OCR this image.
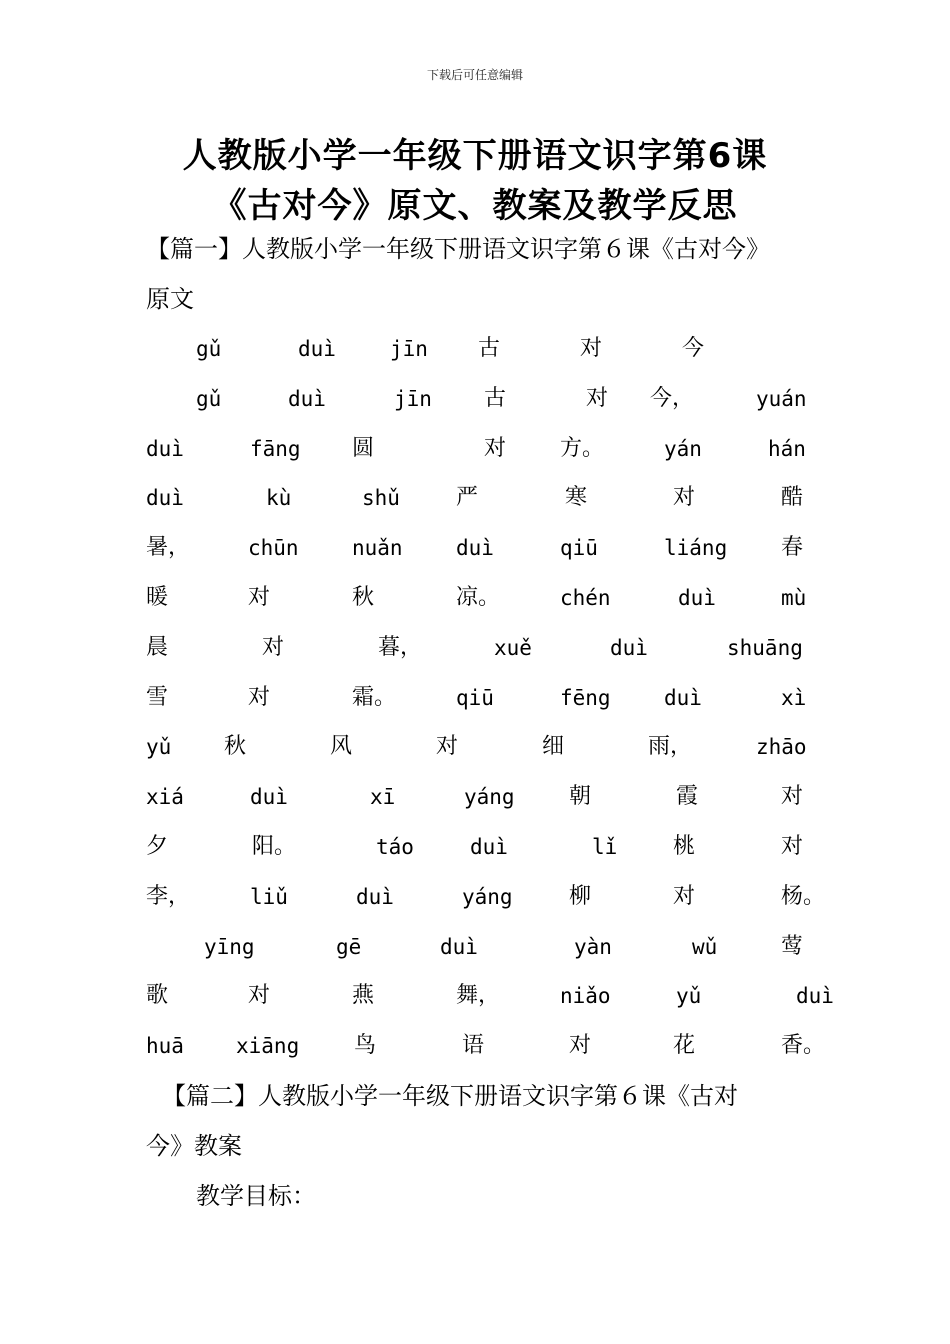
下载后可任意编辑
人教版小学一年级下册语文识字第6课
《古对今》原文、教案及教学反思
【篇一】人教版小学一年级下册语文识字第６课《古对今》
原文
gǔ	duì	jīn 古	对	今
gǔ	duì	jīn 古	对 今，	yuán
duì	fāng 圆	对 方。	yán	hán
duì	kù	shǔ	严	寒	对	酷
暑，	chūn	nuǎn	duì	qiū	liáng 春
暖	对	秋	凉。	chén	duì	mù
晨	对	暮，	xuě	duì	shuāng
雪	对	霜。	qiū	fēng	duì	xì
yǔ 秋	风	对	细	雨，	zhāo
xiá	duì	xī	yáng 朝	霞	对
夕	阳。	táo	duì	lǐ	桃	对
李，	liǔ	duì	yáng	柳	对	杨。
yīng	gē	duì	yàn	wǔ	莺
歌	对	燕	舞，	niǎo	yǔ	duì
huā xiāng 鸟	语	对	花	香。
【篇二】人教版小学一年级下册语文识字第６课《古对
今》教案
教学目标：
